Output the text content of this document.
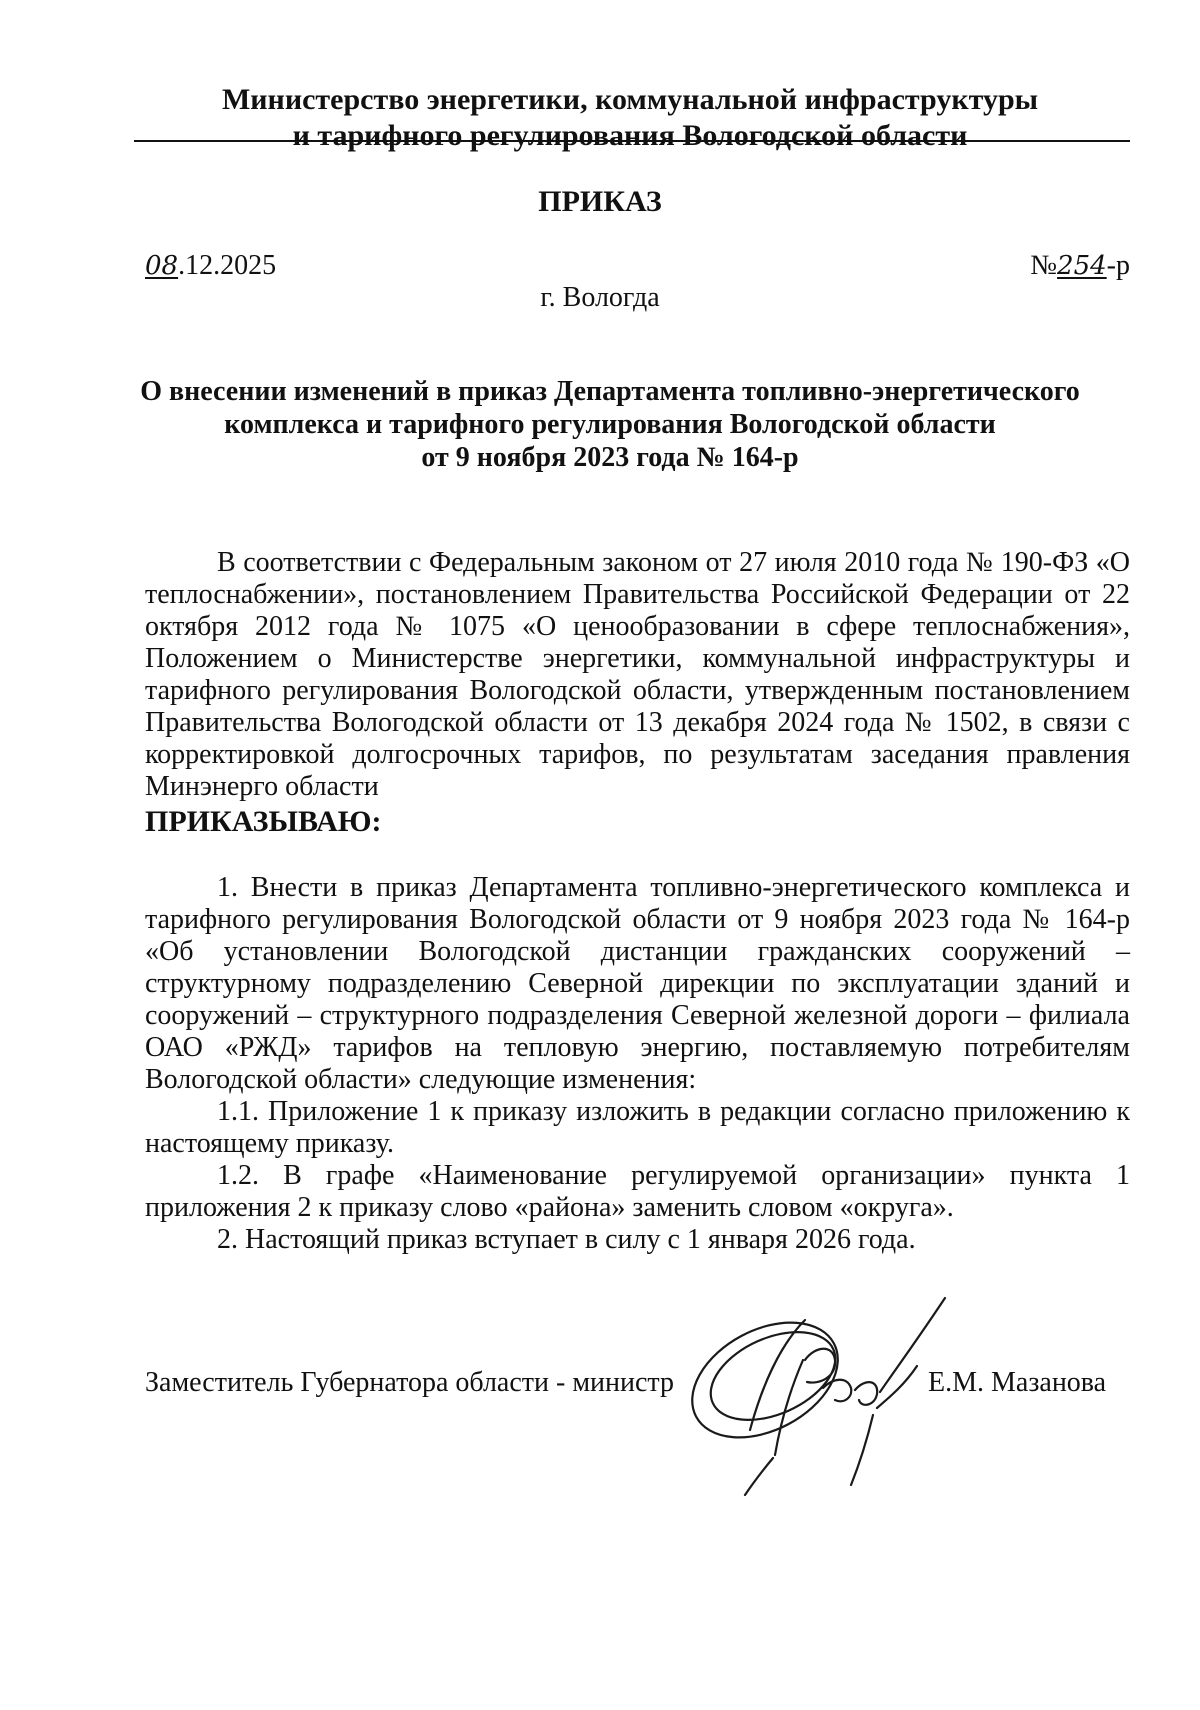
Министерство энергетики, коммунальной инфраструктуры
и тарифного регулирования Вологодской области
ПРИКАЗ
08.12.2025	№254-р
г. Вологда
О внесении изменений в приказ Департамента топливно-энергетического
комплекса и тарифного регулирования Вологодской области
от 9 ноября 2023 года № 164-р

В соответствии с Федеральным законом от 27 июля 2010 года № 190-ФЗ «О теплоснабжении», постановлением Правительства Российской Федерации от 22 октября 2012 года № 1075 «О ценообразовании в сфере теплоснабжения», Положением о Министерстве энергетики, коммунальной инфраструктуры и тарифного регулирования Вологодской области, утвержденным постановлением Правительства Вологодской области от 13 декабря 2024 года № 1502, в связи с корректировкой долгосрочных тарифов, по результатам заседания правления Минэнерго области

ПРИКАЗЫВАЮ:

1. Внести в приказ Департамента топливно-энергетического комплекса и тарифного регулирования Вологодской области от 9 ноября 2023 года № 164-р «Об установлении Вологодской дистанции гражданских сооружений – структурному подразделению Северной дирекции по эксплуатации зданий и сооружений – структурного подразделения Северной железной дороги – филиала ОАО «РЖД» тарифов на тепловую энергию, поставляемую потребителям Вологодской области» следующие изменения:

1.1. Приложение 1 к приказу изложить в редакции согласно приложению к настоящему приказу.

1.2. В графе «Наименование регулируемой организации» пункта 1 приложения 2 к приказу слово «района» заменить словом «округа».

2. Настоящий приказ вступает в силу с 1 января 2026 года.

Заместитель Губернатора области - министр	Е.М. Мазанова
